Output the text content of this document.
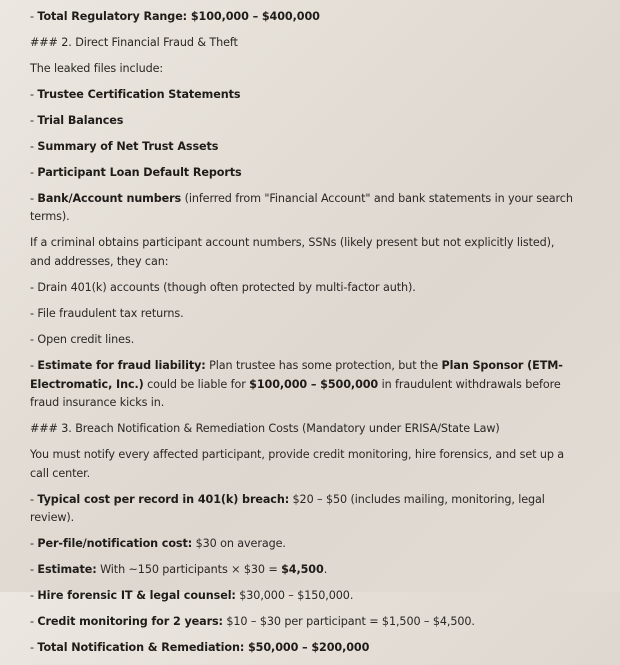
- Total Regulatory Range: $100,000 – $400,000
### 2. Direct Financial Fraud & Theft
The leaked files include:
- Trustee Certification Statements
- Trial Balances
- Summary of Net Trust Assets
- Participant Loan Default Reports
- Bank/Account numbers (inferred from "Financial Account" and bank statements in your search terms).
If a criminal obtains participant account numbers, SSNs (likely present but not explicitly listed), and addresses, they can:
- Drain 401(k) accounts (though often protected by multi-factor auth).
- File fraudulent tax returns.
- Open credit lines.
- Estimate for fraud liability: Plan trustee has some protection, but the Plan Sponsor (ETM-Electromatic, Inc.) could be liable for $100,000 – $500,000 in fraudulent withdrawals before fraud insurance kicks in.
### 3. Breach Notification & Remediation Costs (Mandatory under ERISA/State Law)
You must notify every affected participant, provide credit monitoring, hire forensics, and set up a call center.
- Typical cost per record in 401(k) breach: $20 – $50 (includes mailing, monitoring, legal review).
- Per-file/notification cost: $30 on average.
- Estimate: With ~150 participants × $30 = $4,500.
- Hire forensic IT & legal counsel: $30,000 – $150,000.
- Credit monitoring for 2 years: $10 – $30 per participant = $1,500 – $4,500.
- Total Notification & Remediation: $50,000 – $200,000
